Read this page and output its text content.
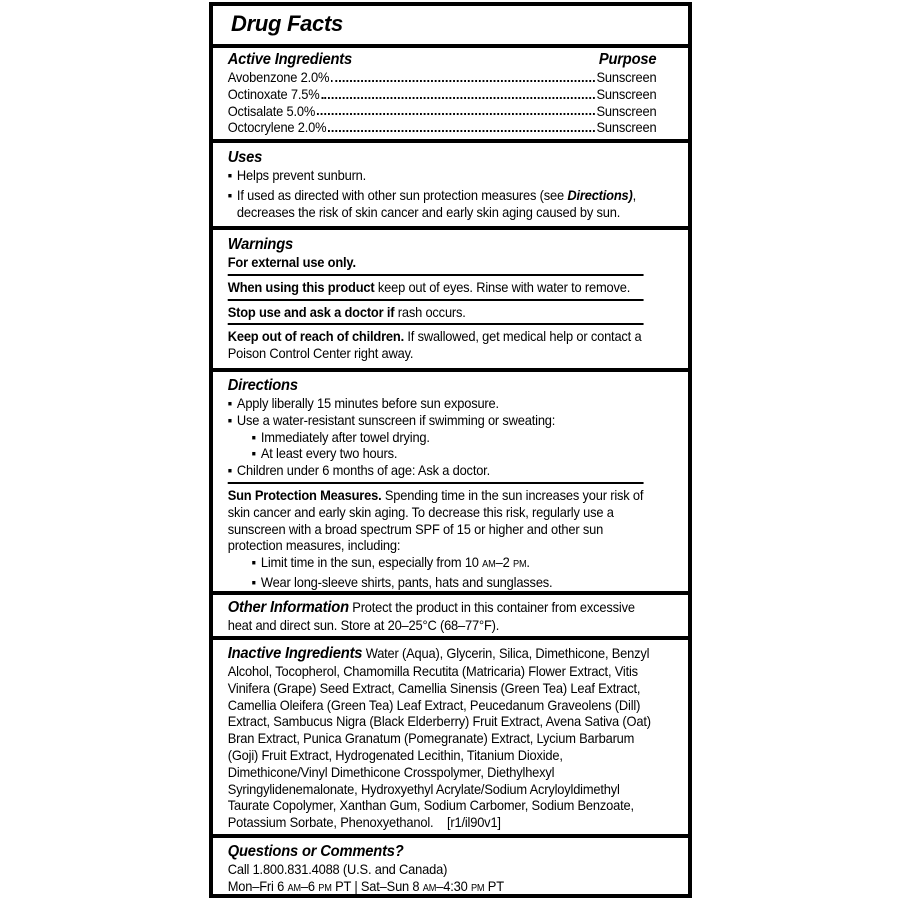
Drug Facts
Active Ingredients	Purpose
Avobenzone 2.0%	Sunscreen
Octinoxate 7.5%	Sunscreen
Octisalate 5.0%	Sunscreen
Octocrylene 2.0%	Sunscreen
Uses
▪ Helps prevent sunburn.
▪ If used as directed with other sun protection measures (see Directions), decreases the risk of skin cancer and early skin aging caused by sun.
Warnings
For external use only.
When using this product keep out of eyes. Rinse with water to remove.
Stop use and ask a doctor if rash occurs.
Keep out of reach of children. If swallowed, get medical help or contact a Poison Control Center right away.
Directions
▪ Apply liberally 15 minutes before sun exposure.
▪ Use a water-resistant sunscreen if swimming or sweating:
▪ Immediately after towel drying.
▪ At least every two hours.
▪ Children under 6 months of age: Ask a doctor.
Sun Protection Measures. Spending time in the sun increases your risk of skin cancer and early skin aging. To decrease this risk, regularly use a sunscreen with a broad spectrum SPF of 15 or higher and other sun protection measures, including:
▪ Limit time in the sun, especially from 10 AM–2 PM.
▪ Wear long-sleeve shirts, pants, hats and sunglasses.
Other Information Protect the product in this container from excessive heat and direct sun. Store at 20–25°C (68–77°F).
Inactive Ingredients Water (Aqua), Glycerin, Silica, Dimethicone, Benzyl Alcohol, Tocopherol, Chamomilla Recutita (Matricaria) Flower Extract, Vitis Vinifera (Grape) Seed Extract, Camellia Sinensis (Green Tea) Leaf Extract, Camellia Oleifera (Green Tea) Leaf Extract, Peucedanum Graveolens (Dill) Extract, Sambucus Nigra (Black Elderberry) Fruit Extract, Avena Sativa (Oat) Bran Extract, Punica Granatum (Pomegranate) Extract, Lycium Barbarum (Goji) Fruit Extract, Hydrogenated Lecithin, Titanium Dioxide, Dimethicone/Vinyl Dimethicone Crosspolymer, Diethylhexyl Syringylidenemalonate, Hydroxyethyl Acrylate/Sodium Acryloyldimethyl Taurate Copolymer, Xanthan Gum, Sodium Carbomer, Sodium Benzoate, Potassium Sorbate, Phenoxyethanol. [r1/il90v1]
Questions or Comments?
Call 1.800.831.4088 (U.S. and Canada)
Mon–Fri 6 AM–6 PM PT | Sat–Sun 8 AM–4:30 PM PT
